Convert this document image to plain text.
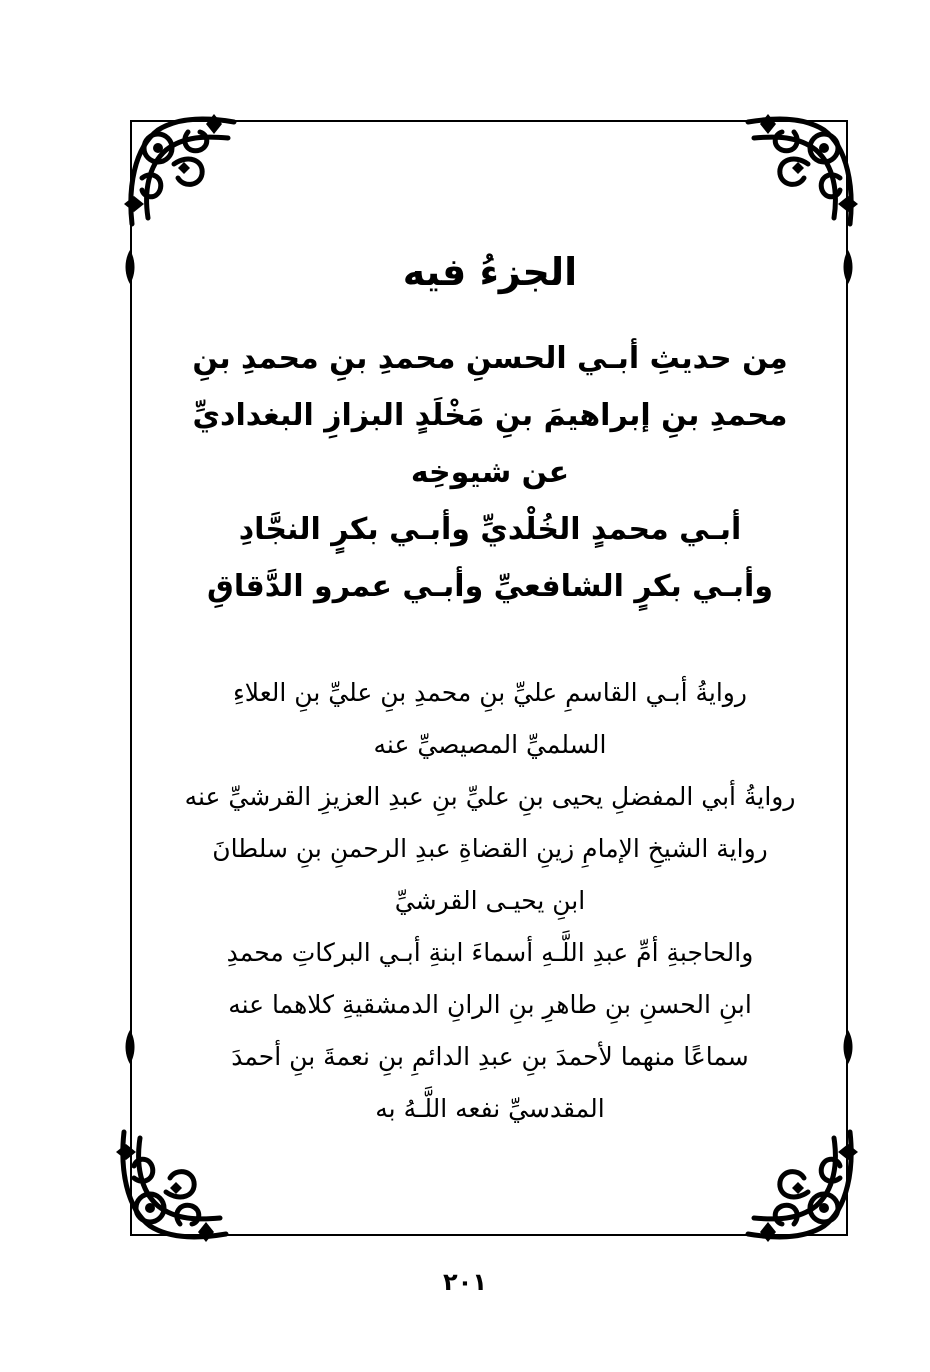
الجزءُ فيه

مِن حديثِ أبـي الحسنِ محمدِ بنِ محمدِ بنِ

محمدِ بنِ إبراهيمَ بنِ مَخْلَدٍ البزازِ البغداديِّ

عن شيوخِه

أبـي محمدٍ الخُلْديِّ وأبـي بكرٍ النجَّادِ

وأبـي بكرٍ الشافعيِّ وأبـي عمرو الدَّقاقِ

روايةُ أبـي القاسمِ عليِّ بنِ محمدِ بنِ عليِّ بنِ العلاءِ

السلميِّ المصيصيِّ عنه

روايةُ أبي المفضلِ يحيى بنِ عليِّ بنِ عبدِ العزيزِ القرشيِّ عنه

رواية الشيخِ الإمامِ زينِ القضاةِ عبدِ الرحمنِ بنِ سلطانَ

ابنِ يحيـى القرشيِّ

والحاجبةِ أمِّ عبدِ اللَّـهِ أسماءَ ابنةِ أبـي البركاتِ محمدِ

ابنِ الحسنِ بنِ طاهرِ بنِ الرانِ الدمشقيةِ كلاهما عنه

سماعًا منهما لأحمدَ بنِ عبدِ الدائمِ بنِ نعمةَ بنِ أحمدَ

المقدسيِّ نفعه اللَّـهُ به

٢٠١
